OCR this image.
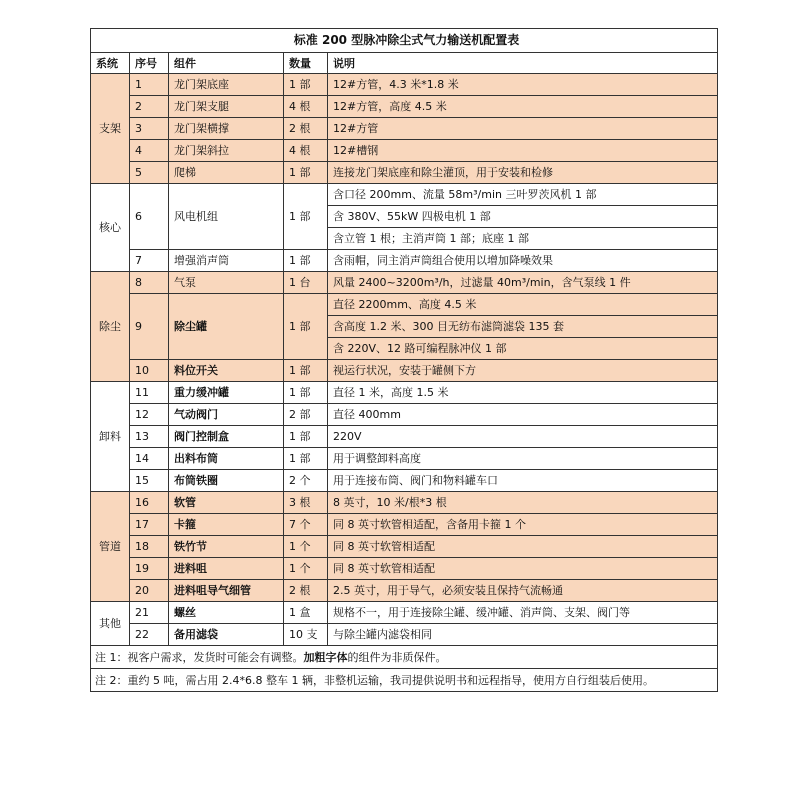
标准 200 型脉冲除尘式气力输送机配置表				
系统	序号	组件	数量	说明
支架	1	龙门架底座	1 部	12#方管，4.3 米*1.8 米
	2	龙门架支腿	4 根	12#方管，高度 4.5 米
	3	龙门架横撑	2 根	12#方管
	4	龙门架斜拉	4 根	12#槽钢
	5	爬梯	1 部	连接龙门架底座和除尘灌顶，用于安装和检修
核心	6	风电机组	1 部	含口径 200mm、流量 58m³/min 三叶罗茨风机 1 部
				含 380V、55kW 四极电机 1 部
				含立管 1 根；主消声筒 1 部；底座 1 部
	7	增强消声筒	1 部	含雨帽，同主消声筒组合使用以增加降噪效果
除尘	8	气泵	1 台	风量 2400~3200m³/h，过滤量 40m³/min，含气泵线 1 件
	9	除尘罐	1 部	直径 2200mm、高度 4.5 米
				含高度 1.2 米、300 目无纺布滤筒滤袋 135 套
				含 220V、12 路可编程脉冲仪 1 部
	10	料位开关	1 部	视运行状况，安装于罐侧下方
卸料	11	重力缓冲罐	1 部	直径 1 米，高度 1.5 米
	12	气动阀门	2 部	直径 400mm
	13	阀门控制盒	1 部	220V
	14	出料布筒	1 部	用于调整卸料高度
	15	布筒铁圈	2 个	用于连接布筒、阀门和物料罐车口
管道	16	软管	3 根	8 英寸，10 米/根*3 根
	17	卡箍	7 个	同 8 英寸软管相适配，含备用卡箍 1 个
	18	铁竹节	1 个	同 8 英寸软管相适配
	19	进料咀	1 个	同 8 英寸软管相适配
	20	进料咀导气细管	2 根	2.5 英寸，用于导气，必须安装且保持气流畅通
其他	21	螺丝	1 盒	规格不一，用于连接除尘罐、缓冲罐、消声筒、支架、阀门等
	22	备用滤袋	10 支	与除尘罐内滤袋相同
注 1：视客户需求，发货时可能会有调整。加粗字体的组件为非质保件。				
注 2：重约 5 吨，需占用 2.4*6.8 整车 1 辆，非整机运输，我司提供说明书和远程指导，使用方自行组装后使用。				
